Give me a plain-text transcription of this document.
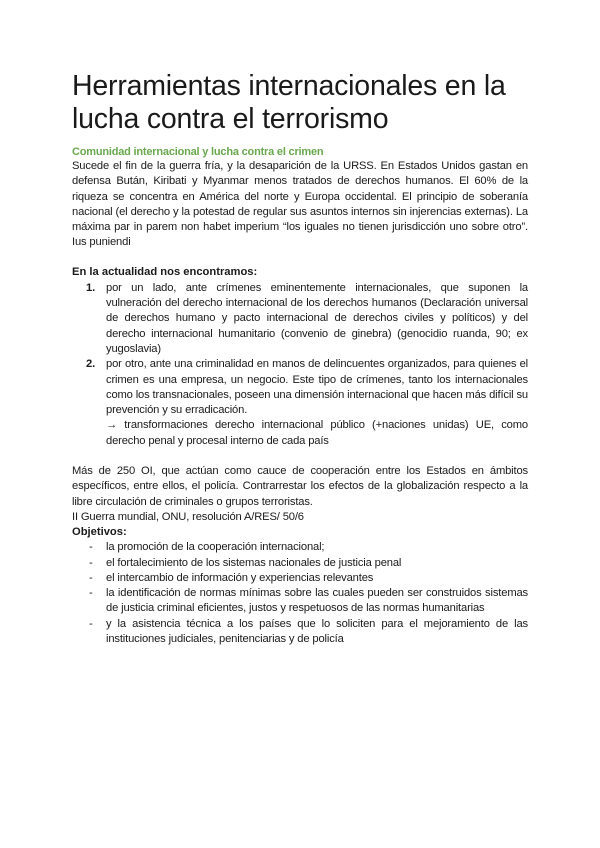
Herramientas internacionales en la lucha contra el terrorismo
Comunidad internacional y lucha contra el crimen

Sucede el fin de la guerra fría, y la desaparición de la URSS. En Estados Unidos gastan en defensa Bután, Kiribati y Myanmar menos tratados de derechos humanos. El 60% de la riqueza se concentra en América del norte y Europa occidental. El principio de soberanía nacional (el derecho y la potestad de regular sus asuntos internos sin injerencias externas). La máxima par in parem non habet imperium “los iguales no tienen jurisdicción uno sobre otro”. Ius puniendi

En la actualidad nos encontramos:

1. por un lado, ante crímenes eminentemente internacionales, que suponen la vulneración del derecho internacional de los derechos humanos (Declaración universal de derechos humano y pacto internacional de derechos civiles y políticos) y del derecho internacional humanitario (convenio de ginebra) (genocidio ruanda, 90; ex yugoslavia)
2. por otro, ante una criminalidad en manos de delincuentes organizados, para quienes el crimen es una empresa, un negocio. Este tipo de crímenes, tanto los internacionales como los transnacionales, poseen una dimensión internacional que hacen más difícil su prevención y su erradicación.
→ transformaciones derecho internacional público (+naciones unidas) UE, como derecho penal y procesal interno de cada país

Más de 250 OI, que actúan como cauce de cooperación entre los Estados en ámbitos específicos, entre ellos, el policía. Contrarrestar los efectos de la globalización respecto a la libre circulación de criminales o grupos terroristas.

II Guerra mundial, ONU, resolución A/RES/ 50/6

Objetivos:

- la promoción de la cooperación internacional;
- el fortalecimiento de los sistemas nacionales de justicia penal
- el intercambio de información y experiencias relevantes
- la identificación de normas mínimas sobre las cuales pueden ser construidos sistemas de justicia criminal eficientes, justos y respetuosos de las normas humanitarias
- y la asistencia técnica a los países que lo soliciten para el mejoramiento de las instituciones judiciales, penitenciarias y de policía
